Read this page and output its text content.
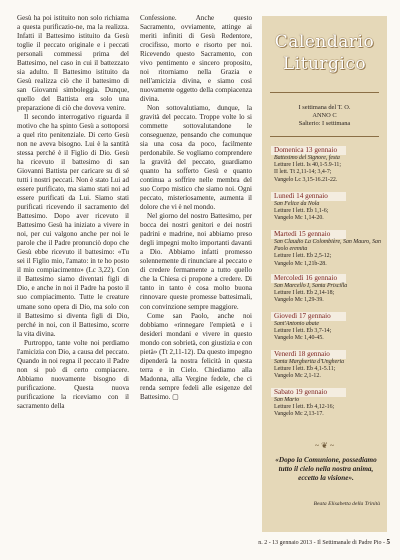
Gesù ha poi istituito non solo richiama a questa purificazio-ne, ma la realizza. Infatti il Battesimo istituito da Gesù toglie il peccato originale e i peccati personali commessi prima del Battesimo, nel caso in cui il battezzato sia adulto. Il Battesimo istituito da Gesù realizza ciò che il battesimo di san Giovanni simboleggia. Dunque, quello del Battista era solo una preparazione di ciò che doveva venire.

Il secondo interrogativo riguarda il motivo che ha spinto Gesù a sottoporsi a quel rito penitenziale. Di certo Gesù non ne aveva bisogno. Lui è la santità stessa perché è il Figlio di Dio. Gesù ha ricevuto il battesimo di san Giovanni Battista per caricare su di sé tutti i nostri peccati. Non è stato Lui ad essere purificato, ma siamo stati noi ad essere purificati da Lui. Siamo stati purificati ricevendo il sacramento del Battesimo. Dopo aver ricevuto il Battesimo Gesù ha iniziato a vivere in noi, per cui valgono anche per noi le parole che il Padre pronunciò dopo che Gesù ebbe ricevuto il battesimo: «Tu sei il Figlio mio, l'amato: in te ho posto il mio compiacimento» (Lc 3,22). Con il Battesimo siamo diventati figli di Dio, e anche in noi il Padre ha posto il suo compiacimento. Tutte le creature umane sono opera di Dio, ma solo con il Battesimo si diventa figli di Dio, perché in noi, con il Battesimo, scorre la vita divina.

Purtroppo, tante volte noi perdiamo l'amicizia con Dio, a causa del peccato. Quando in noi regna il peccato il Padre non si può di certo compiacere. Abbiamo nuovamente bisogno di purificazione. Questa nuova purificazione la riceviamo con il sacramento della

Confessione. Anche questo Sacramento, ovviamente, attinge ai meriti infiniti di Gesù Redentore, crocifisso, morto e risorto per noi. Ricevendo questo Sacramento, con vivo pentimento e sincero proposito, noi ritorniamo nella Grazia e nell'amicizia divina, e siamo così nuovamente oggetto della compiacenza divina.

Non sottovalutiamo, dunque, la gravità del peccato. Troppe volte lo si commette sottovalutandone le conseguenze, pensando che comunque sia una cosa da poco, facilmente perdonabile. Se vogliamo comprendere la gravità del peccato, guardiamo quanto ha sofferto Gesù e quanto continua a soffrire nelle membra del suo Corpo mistico che siamo noi. Ogni peccato, misteriosamente, aumenta il dolore che vi è nel mondo.

Nel giorno del nostro Battesimo, per bocca dei nostri genitori e dei nostri padrini e madrine, noi abbiamo preso degli impegni molto importanti davanti a Dio. Abbiamo infatti promesso solennemente di rinunciare al peccato e di credere fermamente a tutto quello che la Chiesa ci propone a credere. Di tanto in tanto è cosa molto buona rinnovare queste promesse battesimali, con convinzione sempre maggiore.

Come san Paolo, anche noi dobbiamo «rinnegare l'empietà e i desideri mondani e vivere in questo mondo con sobrietà, con giustizia e con pietà» (Tt 2,11-12). Da questo impegno dipenderà la nostra felicità in questa terra e in Cielo. Chiediamo alla Madonna, alla Vergine fedele, che ci renda sempre fedeli alle esigenze del Battesimo. ▢

Calendario
Liturgico
I settimana del T. O.
ANNO C
Salterio: I settimana
Domenica 13 gennaio
Battesimo del Signore, festa
Letture I lett. Is 40,1-5.9-11;
II lett. Tt 2,11-14; 3,4-7;
Vangelo Lc 3,15-16.21-22.
Lunedì 14 gennaio
San Felice da Nola
Letture I lett. Eb 1,1-6;
Vangelo Mc 1,14-20.
Martedì 15 gennaio
San Claudio La Colombière, San Mauro, San Paolo eremita
Letture I lett. Eb 2,5-12;
Vangelo Mc 1,21b-28.
Mercoledì 16 gennaio
San Marcello I, Santa Priscilla
Letture I lett. Eb 2,14-18;
Vangelo Mc 1,29-39.
Giovedì 17 gennaio
Sant'Antonio abate
Letture I lett. Eb 3,7-14;
Vangelo Mc 1,40-45.
Venerdì 18 gennaio
Santa Margherita d'Ungheria
Letture I lett. Eb 4,1-5.11;
Vangelo Mc 2,1-12.
Sabato 19 gennaio
San Mario
Letture I lett. Eb 4,12-16;
Vangelo Mc 2,13-17.
~ ❦ ~
«Dopo la Comunione, possediamo tutto il cielo nella nostra anima, eccetto la visione».
Beata Elisabetta della Trinità
n. 2 - 13 gennaio 2013 - Il Settimanale di Padre Pio - 5
